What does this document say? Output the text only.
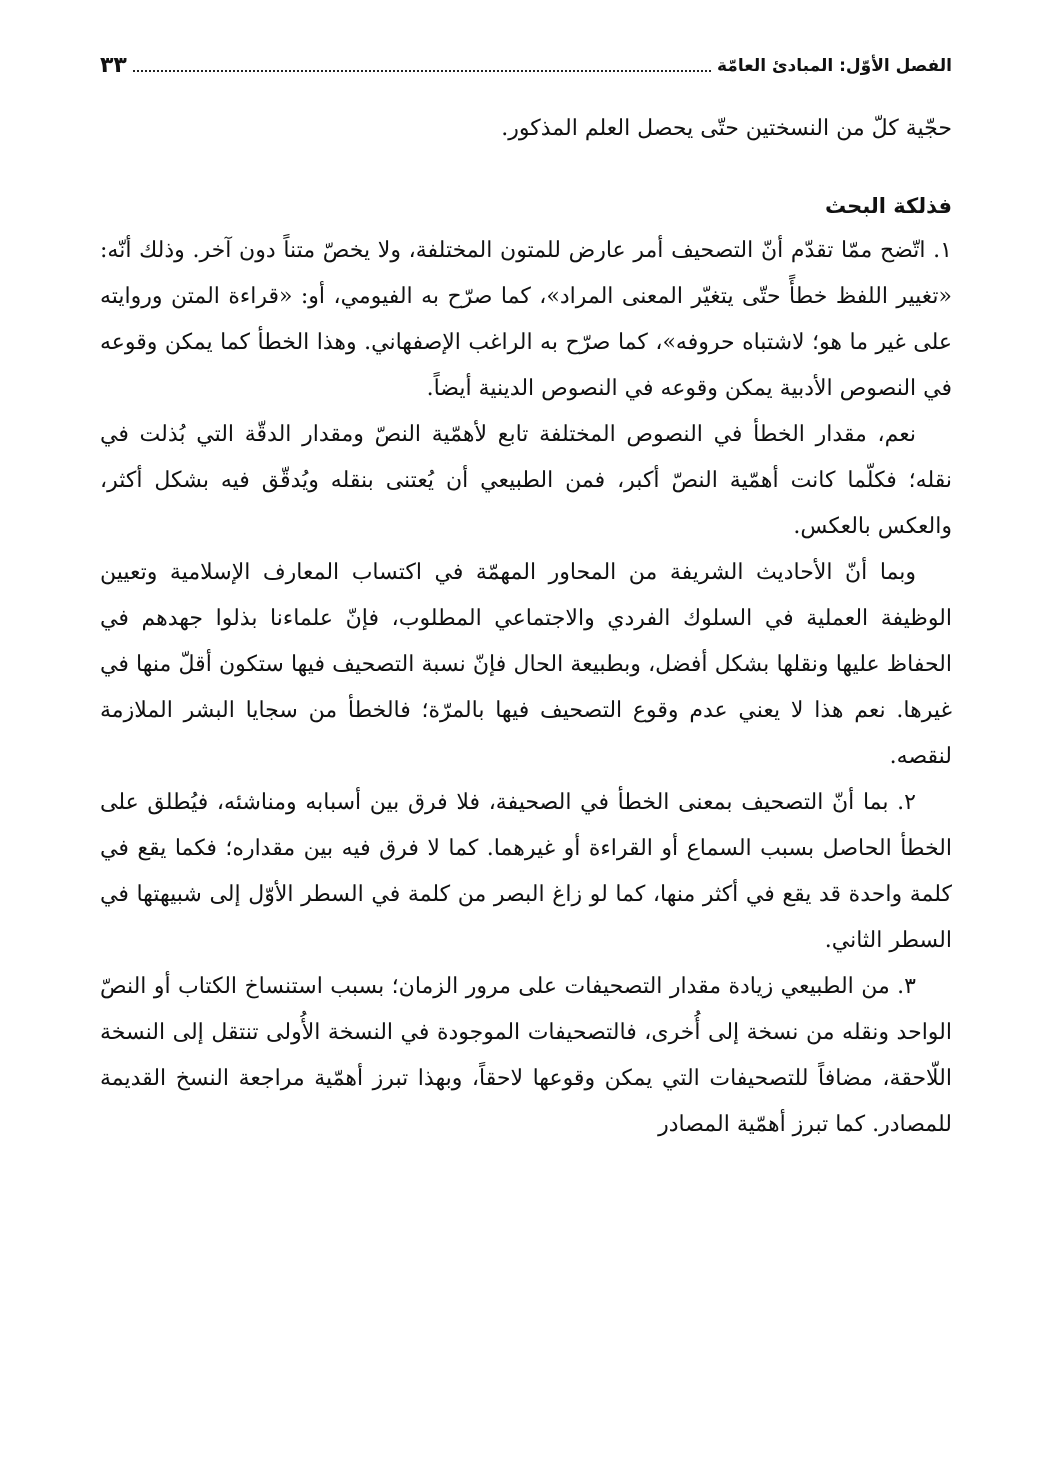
الفصل الأوّل: المبادئ العامّة
٣٣

حجّية كلّ من النسختين حتّى يحصل العلم المذكور.

فذلكة البحث

١. اتّضح ممّا تقدّم أنّ التصحيف أمر عارض للمتون المختلفة، ولا يخصّ متناً دون آخر. وذلك أنّه: «تغيير اللفظ خطأً حتّى يتغيّر المعنى المراد»، كما صرّح به الفيومي، أو: «قراءة المتن وروايته على غير ما هو؛ لاشتباه حروفه»، كما صرّح به الراغب الإصفهاني. وهذا الخطأ كما يمكن وقوعه في النصوص الأدبية يمكن وقوعه في النصوص الدينية أيضاً.

نعم، مقدار الخطأ في النصوص المختلفة تابع لأهمّية النصّ ومقدار الدقّة التي بُذلت في نقله؛ فكلّما كانت أهمّية النصّ أكبر، فمن الطبيعي أن يُعتنى بنقله ويُدقّق فيه بشكل أكثر، والعكس بالعكس.

وبما أنّ الأحاديث الشريفة من المحاور المهمّة في اكتساب المعارف الإسلامية وتعيين الوظيفة العملية في السلوك الفردي والاجتماعي المطلوب، فإنّ علماءنا بذلوا جهدهم في الحفاظ عليها ونقلها بشكل أفضل، وبطبيعة الحال فإنّ نسبة التصحيف فيها ستكون أقلّ منها في غيرها. نعم هذا لا يعني عدم وقوع التصحيف فيها بالمرّة؛ فالخطأ من سجايا البشر الملازمة لنقصه.

٢. بما أنّ التصحيف بمعنى الخطأ في الصحيفة، فلا فرق بين أسبابه ومناشئه، فيُطلق على الخطأ الحاصل بسبب السماع أو القراءة أو غيرهما. كما لا فرق فيه بين مقداره؛ فكما يقع في كلمة واحدة قد يقع في أكثر منها، كما لو زاغ البصر من كلمة في السطر الأوّل إلى شبيهتها في السطر الثاني.

٣. من الطبيعي زيادة مقدار التصحيفات على مرور الزمان؛ بسبب استنساخ الكتاب أو النصّ الواحد ونقله من نسخة إلى أُخرى، فالتصحيفات الموجودة في النسخة الأُولى تنتقل إلى النسخة اللّاحقة، مضافاً للتصحيفات التي يمكن وقوعها لاحقاً، وبهذا تبرز أهمّية مراجعة النسخ القديمة للمصادر. كما تبرز أهمّية المصادر
